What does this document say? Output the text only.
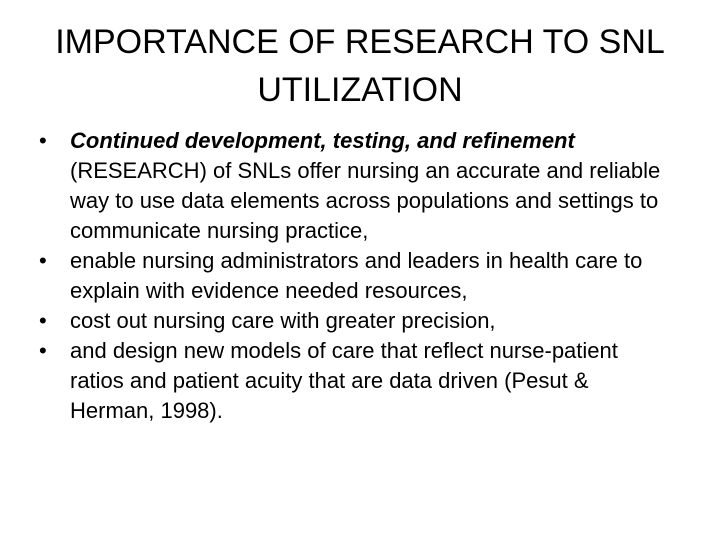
IMPORTANCE OF RESEARCH TO SNL
UTILIZATION
• Continued development, testing, and refinement (RESEARCH) of SNLs offer nursing an accurate and reliable way to use data elements across populations and settings to communicate nursing practice,
• enable nursing administrators and leaders in health care to explain with evidence needed resources,
• cost out nursing care with greater precision,
• and design new models of care that reflect nurse-patient ratios and patient acuity that are data driven (Pesut & Herman, 1998).
